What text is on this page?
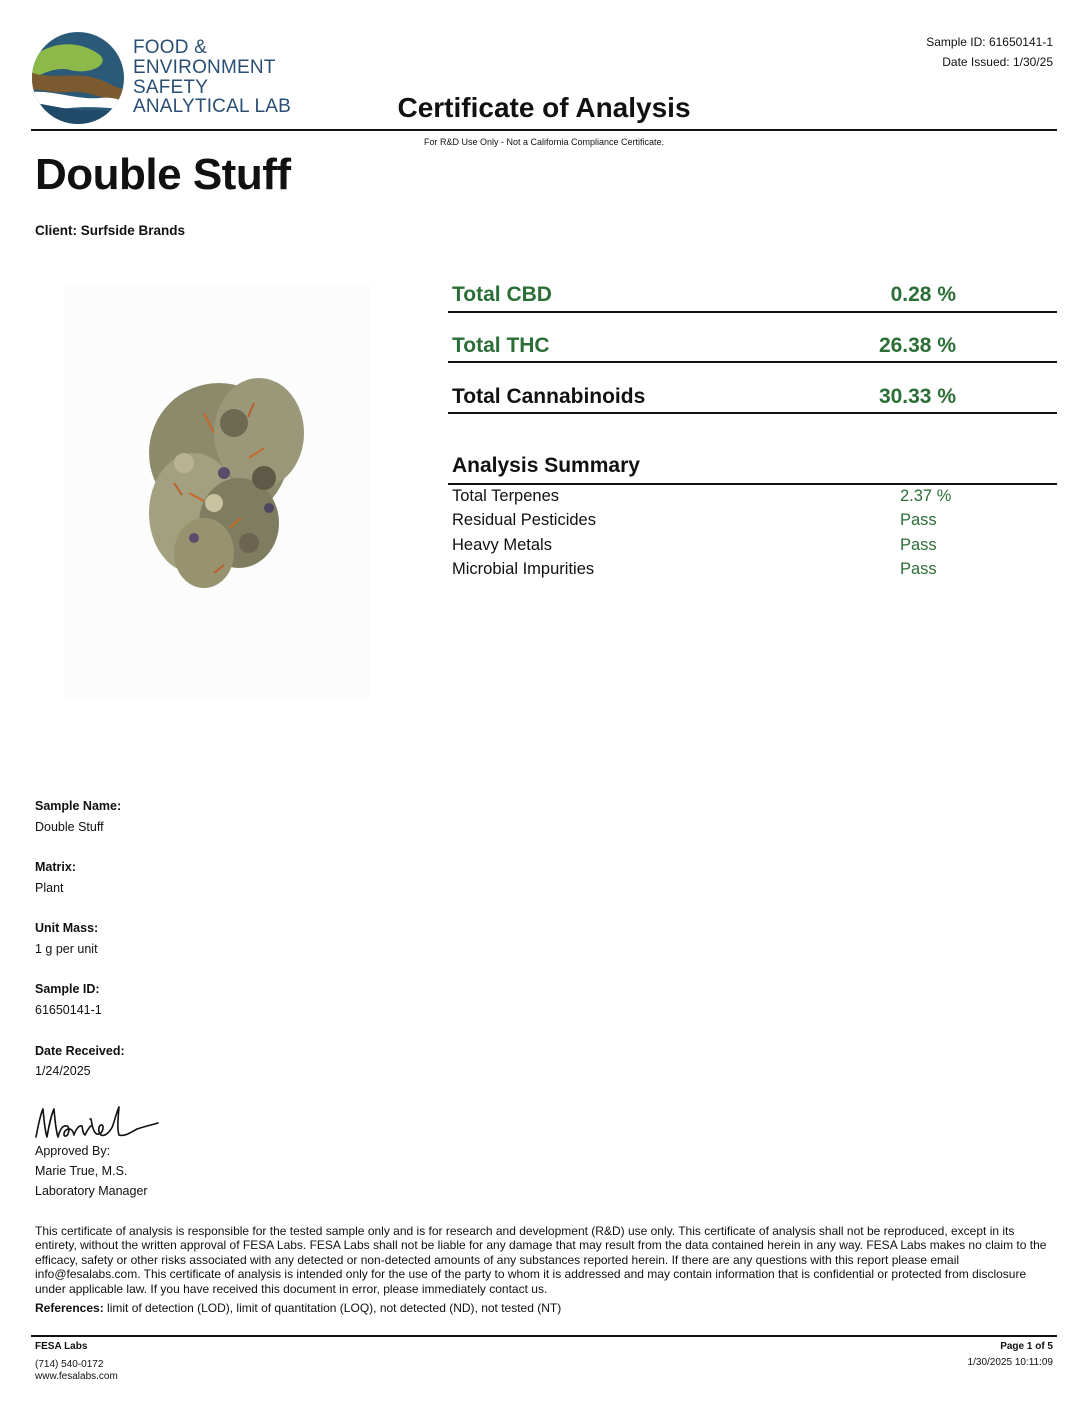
FOOD &
ENVIRONMENT
SAFETY
ANALYTICAL LAB
Sample ID: 61650141-1
Date Issued: 1/30/25
Certificate of Analysis
For R&D Use Only - Not a California Compliance Certificate.
Double Stuff
Client: Surfside Brands
Total CBD	0.28 %
Total THC	26.38 %
Total Cannabinoids	30.33 %
Analysis Summary
Total Terpenes	2.37 %
Residual Pesticides	Pass
Heavy Metals	Pass
Microbial Impurities	Pass
Sample Name:
Double Stuff
Matrix:
Plant
Unit Mass:
1 g per unit
Sample ID:
61650141-1
Date Received:
1/24/2025
Approved By:
Marie True, M.S.
Laboratory Manager
This certificate of analysis is responsible for the tested sample only and is for research and development (R&D) use only. This certificate of analysis shall not be reproduced, except in its entirety, without the written approval of FESA Labs. FESA Labs shall not be liable for any damage that may result from the data contained herein in any way. FESA Labs makes no claim to the efficacy, safety or other risks associated with any detected or non-detected amounts of any substances reported herein. If there are any questions with this report please email info@fesalabs.com. This certificate of analysis is intended only for the use of the party to whom it is addressed and may contain information that is confidential or protected from disclosure under applicable law. If you have received this document in error, please immediately contact us.
References: limit of detection (LOD), limit of quantitation (LOQ), not detected (ND), not tested (NT)
FESA Labs
(714) 540-0172
www.fesalabs.com
Page 1 of 5
1/30/2025 10:11:09
